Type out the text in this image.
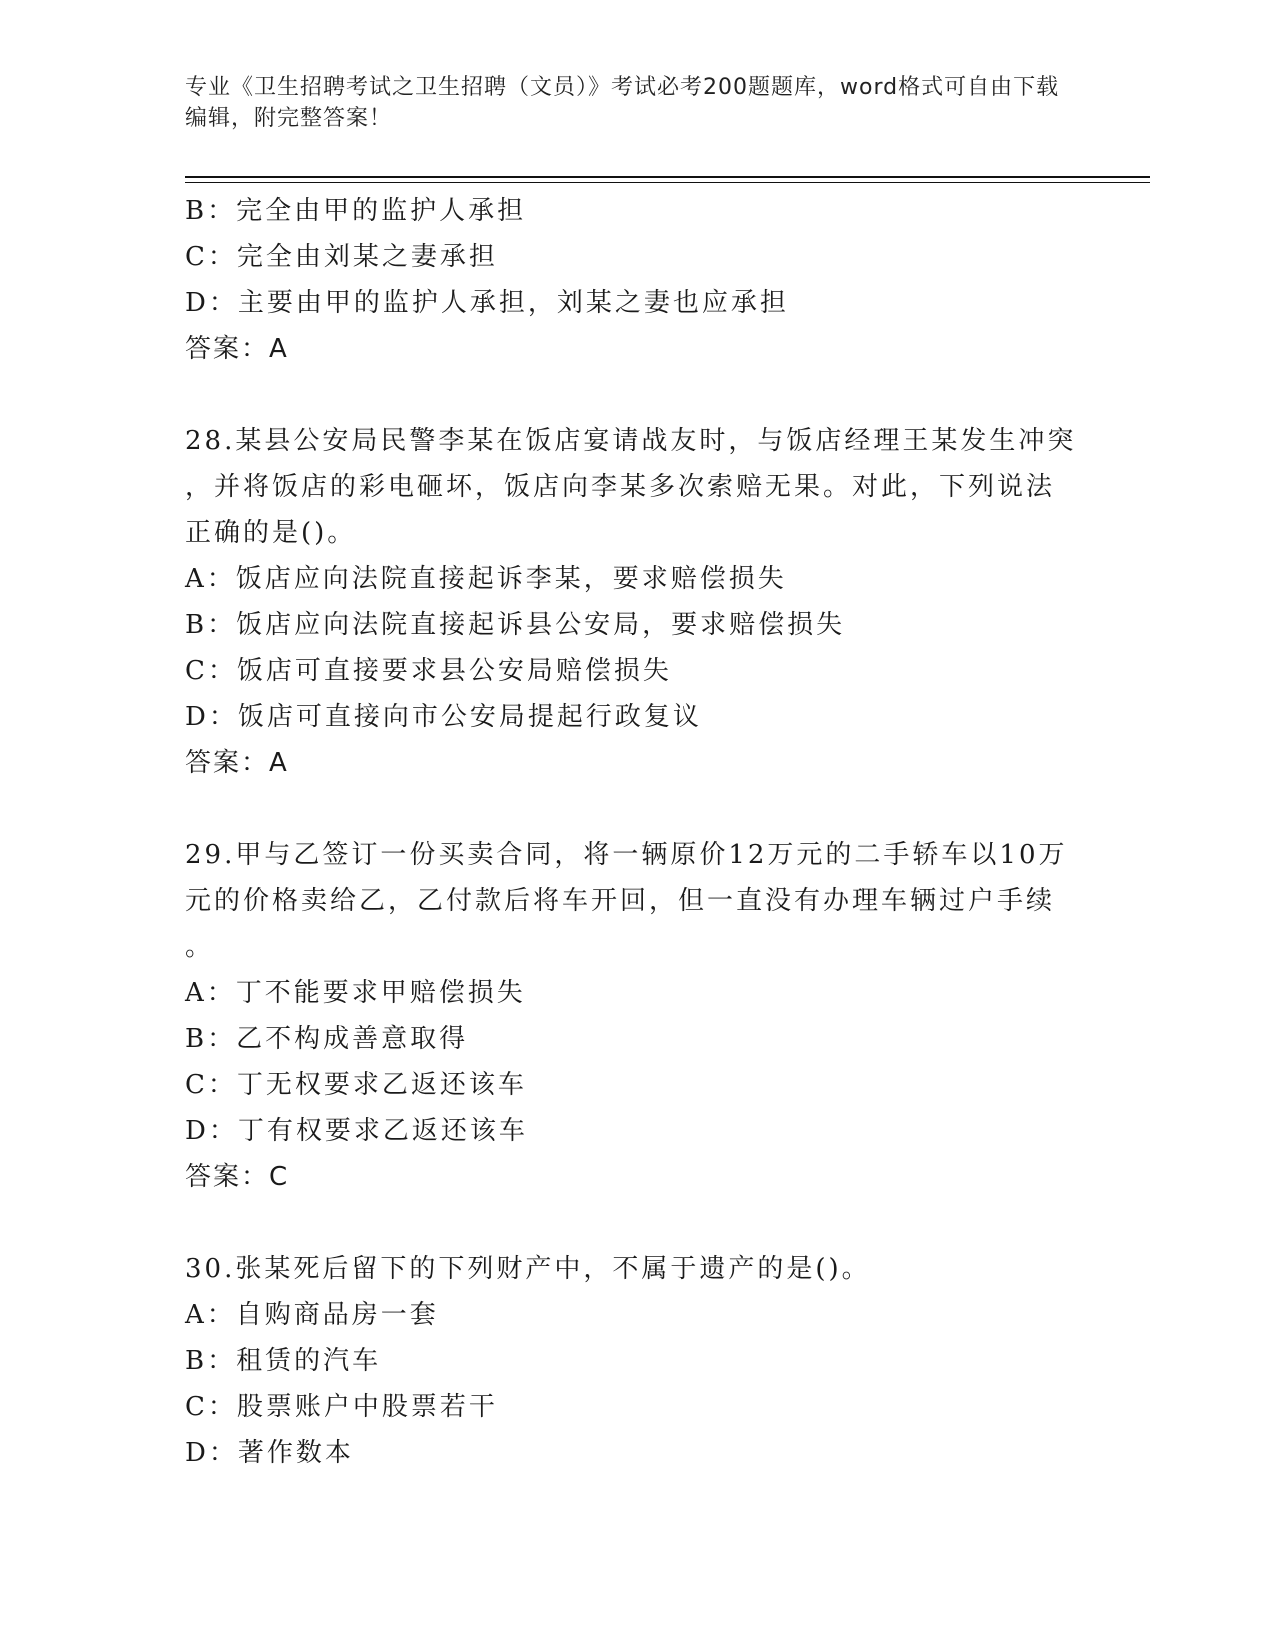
专业《卫生招聘考试之卫生招聘（文员）》考试必考200题题库，word格式可自由下载编辑，附完整答案！
B：完全由甲的监护人承担
C：完全由刘某之妻承担
D：主要由甲的监护人承担，刘某之妻也应承担
答案：A
28.某县公安局民警李某在饭店宴请战友时，与饭店经理王某发生冲突
，并将饭店的彩电砸坏，饭店向李某多次索赔无果。对此，下列说法
正确的是()。
A：饭店应向法院直接起诉李某，要求赔偿损失
B：饭店应向法院直接起诉县公安局，要求赔偿损失
C：饭店可直接要求县公安局赔偿损失
D：饭店可直接向市公安局提起行政复议
答案：A
29.甲与乙签订一份买卖合同，将一辆原价12万元的二手轿车以10万
元的价格卖给乙，乙付款后将车开回，但一直没有办理车辆过户手续
。
A：丁不能要求甲赔偿损失
B：乙不构成善意取得
C：丁无权要求乙返还该车
D：丁有权要求乙返还该车
答案：C
30.张某死后留下的下列财产中，不属于遗产的是()。
A：自购商品房一套
B：租赁的汽车
C：股票账户中股票若干
D：著作数本
